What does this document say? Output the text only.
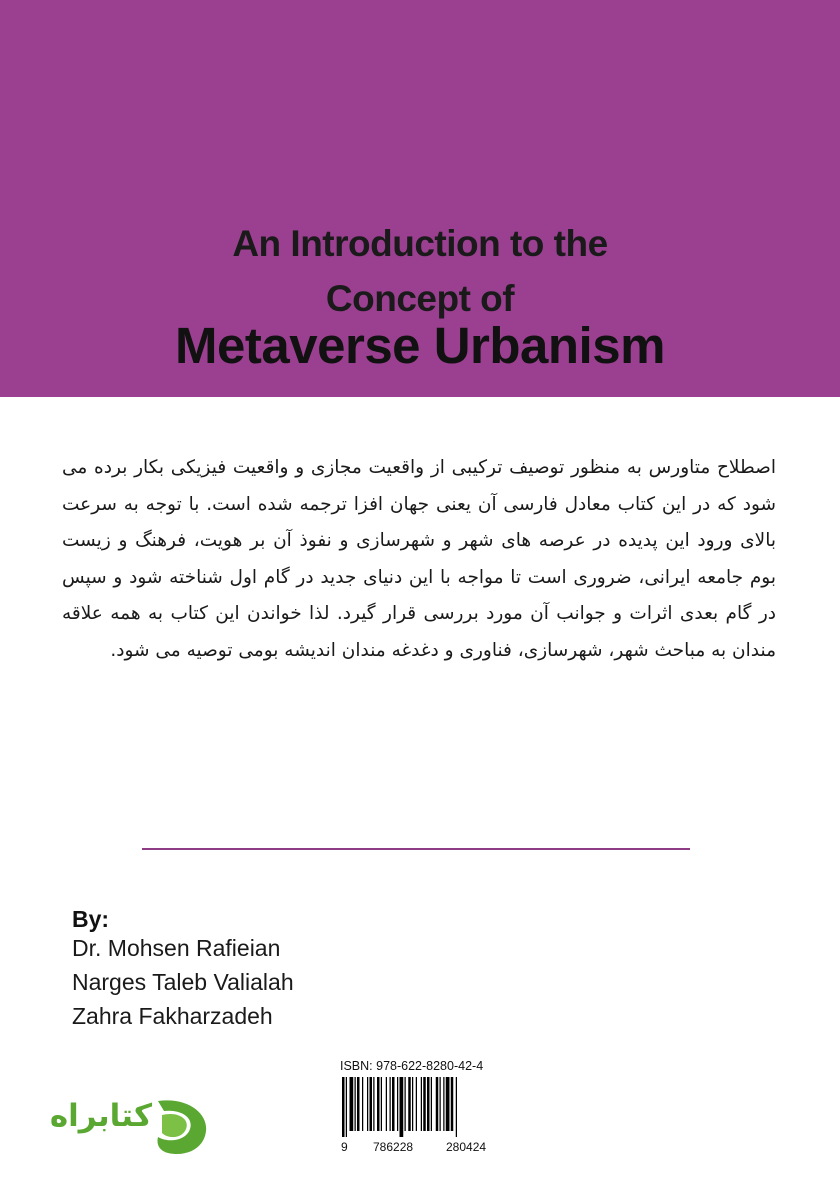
An Introduction to the
Concept of
Metaverse Urbanism

اصطلاح متاورس به منظور توصیف ترکیبی از واقعیت مجازی و واقعیت فیزیکی بکار برده می شود که در این کتاب معادل فارسی آن یعنی جهان افزا ترجمه شده است. با توجه به سرعت بالای ورود این پدیده در عرصه های شهر و شهرسازی و نفوذ آن بر هویت، فرهنگ و زیست بوم جامعه ایرانی، ضروری است تا مواجه با این دنیای جدید در گام اول شناخته شود و سپس در گام بعدی اثرات و جوانب آن مورد بررسی قرار گیرد. لذا خواندن این کتاب به همه علاقه مندان به مباحث شهر، شهرسازی، فناوری و دغدغه مندان اندیشه بومی توصیه می شود.

By:
Dr. Mohsen Rafieian
Narges Taleb Valialah
Zahra Fakharzadeh
ISBN: 978-622-8280-42-4
9 786228	280424
کتابراه
